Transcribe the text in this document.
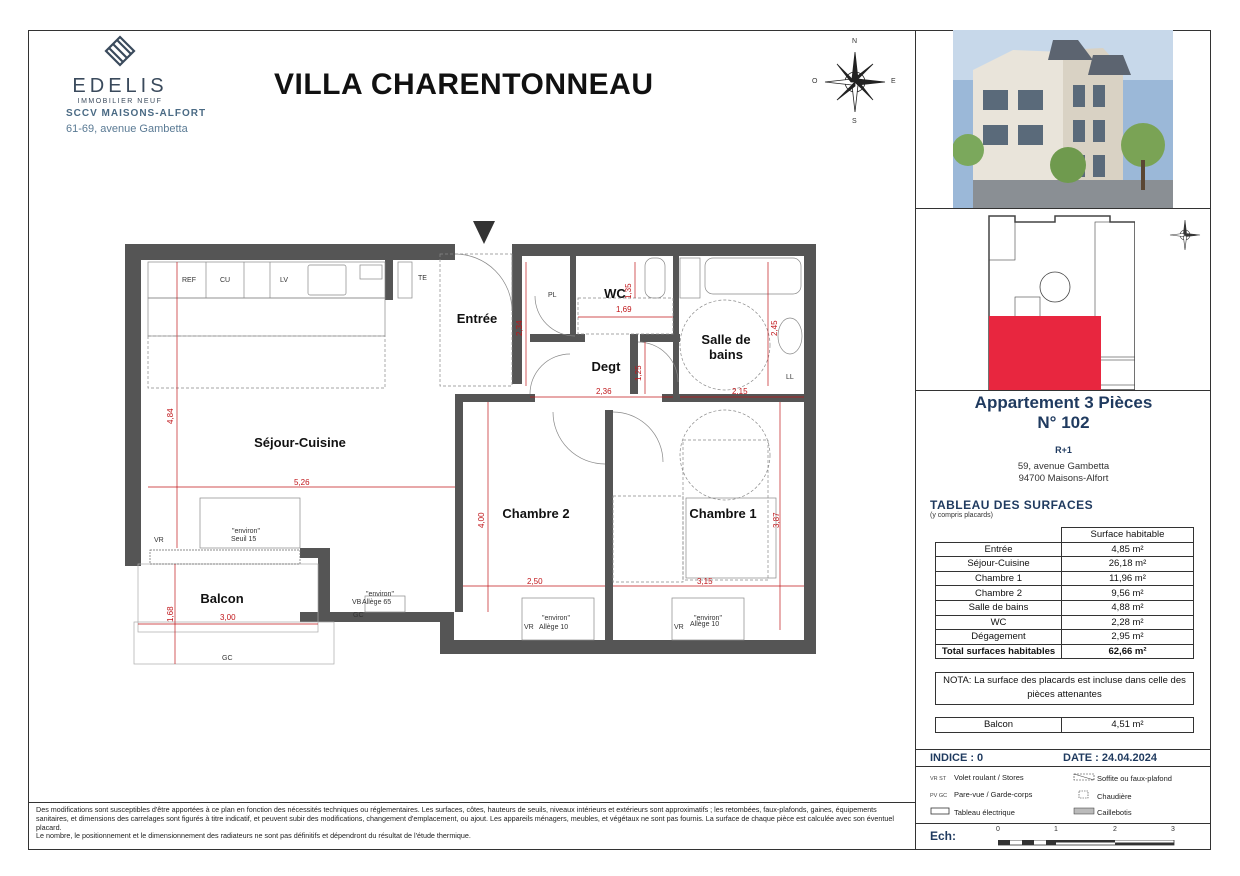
EDELIS
IMMOBILIER NEUF
SCCV MAISONS-ALFORT
61-69, avenue Gambetta
VILLA CHARENTONNEAU
N
S
O	E
Entrée
WC
Salle de bains
Degt
Séjour-Cuisine
Chambre 2	Chambre 1
Balcon
REF	CU	LV	TE
PL
LL
VR
VR	VR
VB
GC
GC
"environ"
Seuil 15
"environ"
Allège 65
"environ"
Allège 10
"environ"
Allège 10
4,84
5,26
2,34
1,35
1,69
2,45
1,25
2,36	2,15
4,00
2,50
3,87
3,15
1,68	3,00
Appartement 3 Pièces
N° 102
R+1
59, avenue Gambetta
94700 Maisons-Alfort
TABLEAU DES SURFACES
(y compris placards)
	Surface habitable
Entrée	4,85 m²
Séjour-Cuisine	26,18 m²
Chambre 1	11,96 m²
Chambre 2	9,56 m²
Salle de bains	4,88 m²
WC	2,28 m²
Dégagement	2,95 m²
Total surfaces habitables	62,66 m²
NOTA: La surface des placards est incluse dans celle des pièces attenantes
Balcon	4,51 m²
INDICE : 0	DATE : 24.04.2024
VR ST Volet roulant / Stores
PV GC Pare-vue / Garde-corps
Tableau électrique
Soffite ou faux-plafond
Chaudière
Caillebotis
Ech:	0	1	2	3
Des modifications sont susceptibles d'être apportées à ce plan en fonction des nécessités techniques ou réglementaires. Les surfaces, côtes, hauteurs de seuils, niveaux intérieurs et extérieurs sont approximatifs ; les retombées, faux-plafonds, gaines, équipements sanitaires, et dimensions des carrelages sont figurés à titre indicatif, et peuvent subir des modifications, changement d'emplacement, ou ajout. Les appareils ménagers, meubles, et végétaux ne sont pas fournis. La surface de chaque pièce est calculée avec son éventuel placard.
Le nombre, le positionnement et le dimensionnement des radiateurs ne sont pas définitifs et dépendront du résultat de l'étude thermique.
